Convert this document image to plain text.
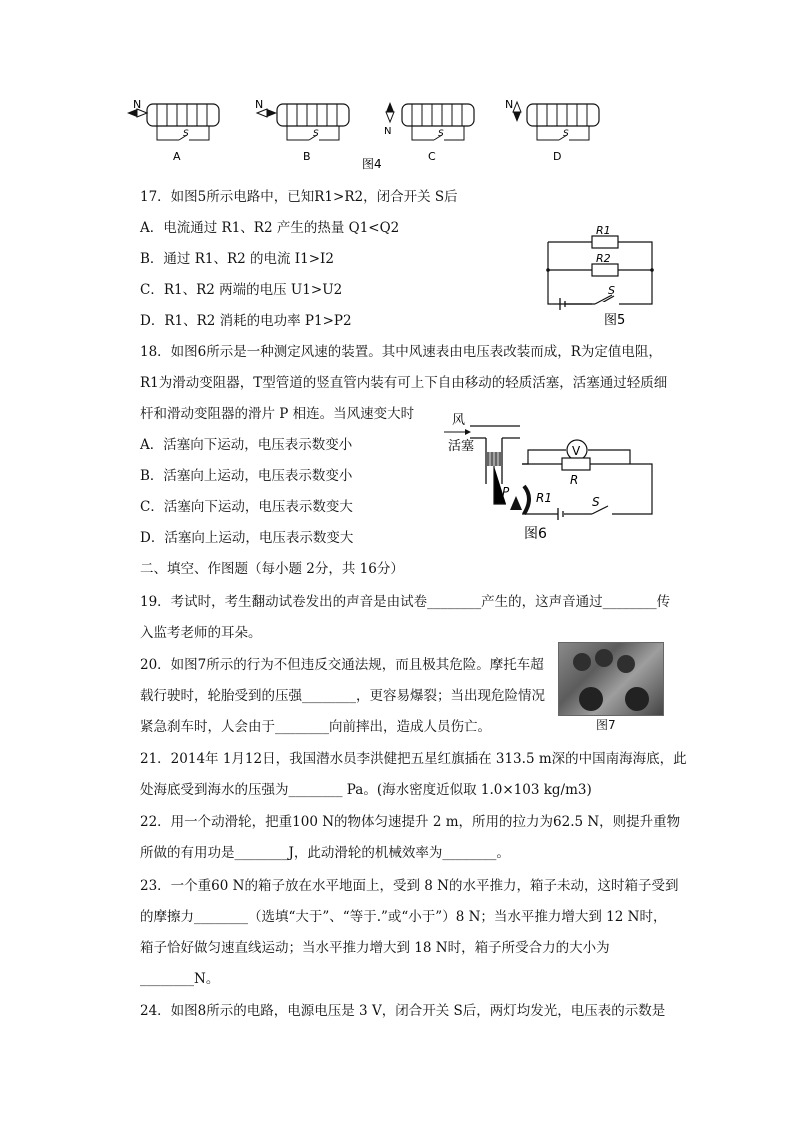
N
S
A
N
S
B
N	S
C
N
S
D
图4
17．如图5所示电路中，已知R1>R2，闭合开关 S后
A．电流通过 R1、R2 产生的热量 Q1<Q2
B．通过 R1、R2 的电流 I1>I2
C．R1、R2 两端的电压 U1>U2
D．R1、R2 消耗的电功率 P1>P2
R1
R2
S
图5
18．如图6所示是一种测定风速的装置。其中风速表由电压表改装而成，R为定值电阻，
R1为滑动变阻器，T型管道的竖直管内装有可上下自由移动的轻质活塞，活塞通过轻质细
杆和滑动变阻器的滑片 P 相连。当风速变大时
A．活塞向下运动，电压表示数变小
B．活塞向上运动，电压表示数变小
C．活塞向下运动，电压表示数变大
D．活塞向上运动，电压表示数变大
风
活塞
P R1
V
R
S
图6
二、填空、作图题（每小题 2分，共 16分）
19．考试时，考生翻动试卷发出的声音是由试卷________产生的，这声音通过________传
入监考老师的耳朵。
20．如图7所示的行为不但违反交通法规，而且极其危险。摩托车超
载行驶时，轮胎受到的压强________，更容易爆裂；当出现危险情况
紧急刹车时，人会由于________向前摔出，造成人员伤亡。	图7
21．2014年 1月12日，我国潜水员李洪健把五星红旗插在 313.5 m深的中国南海海底，此
处海底受到海水的压强为________ Pa。(海水密度近似取 1.0×103 kg/m3)
22．用一个动滑轮，把重100 N的物体匀速提升 2 m，所用的拉力为62.5 N，则提升重物
所做的有用功是________J，此动滑轮的机械效率为________。
23．一个重60 N的箱子放在水平地面上，受到 8 N的水平推力，箱子未动，这时箱子受到
的摩擦力________（选填“大于”、“等于.”或“小于”）8 N；当水平推力增大到 12 N时，
箱子恰好做匀速直线运动；当水平推力增大到 18 N时，箱子所受合力的大小为
________N。
24．如图8所示的电路，电源电压是 3 V，闭合开关 S后，两灯均发光，电压表的示数是
